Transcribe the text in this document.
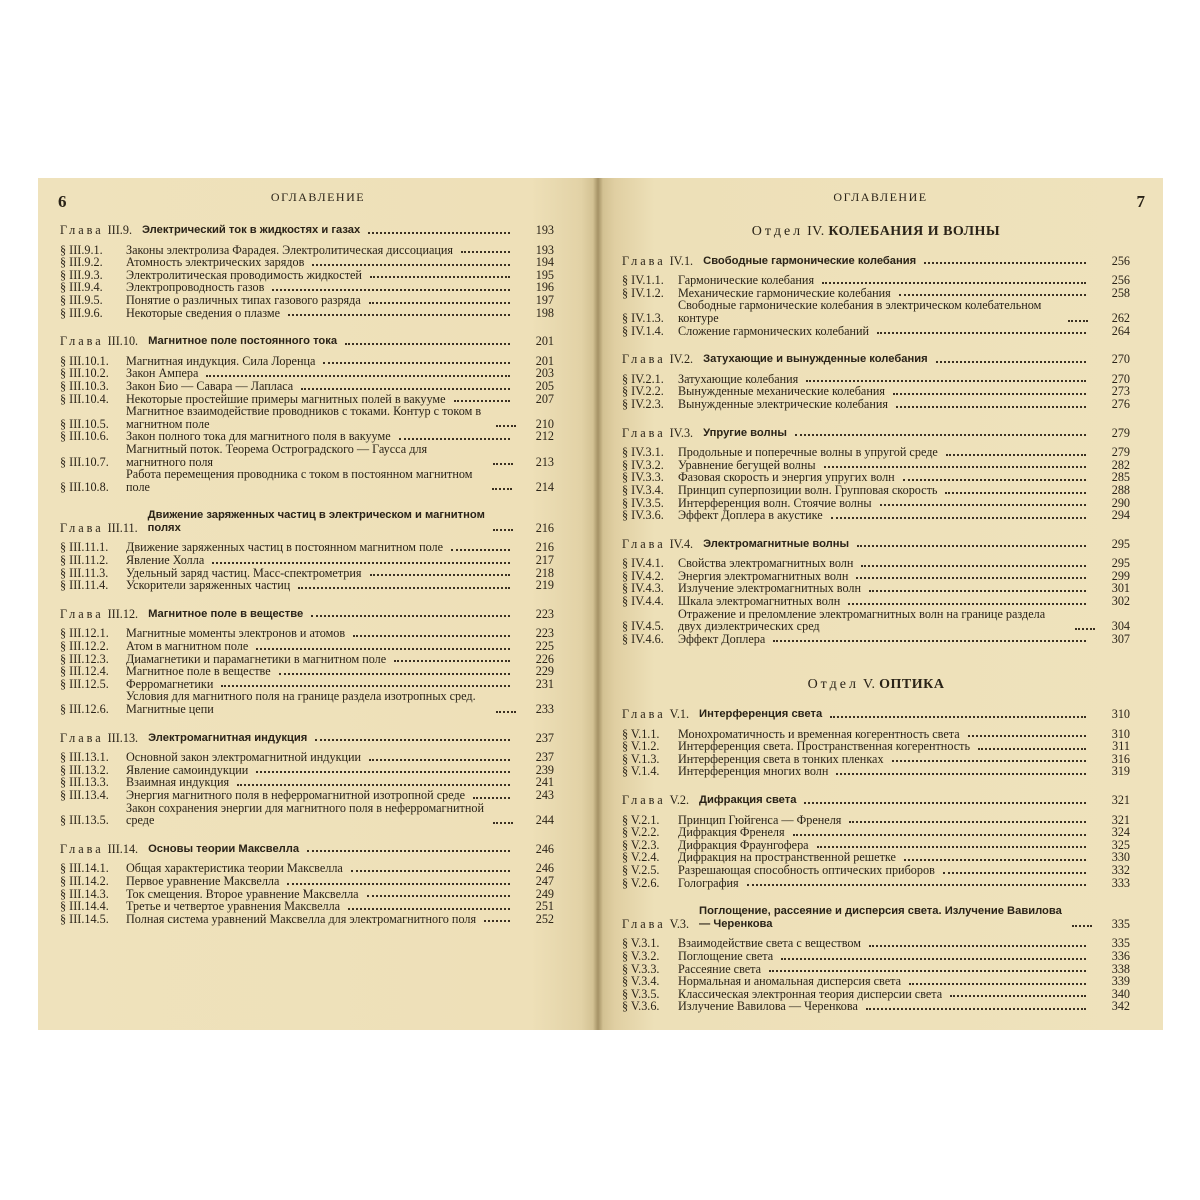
6	ОГЛАВЛЕНИЕ
Глава III.9. Электрический ток в жидкостях и газах	193
§ III.9.1.	Законы электролиза Фарадея. Электролитическая диссоциация	193
§ III.9.2.	Атомность электрических зарядов	194
§ III.9.3.	Электролитическая проводимость жидкостей	195
§ III.9.4.	Электропроводность газов	196
§ III.9.5.	Понятие о различных типах газового разряда	197
§ III.9.6.	Некоторые сведения о плазме	198
Глава III.10. Магнитное поле постоянного тока	201
§ III.10.1.	Магнитная индукция. Сила Лоренца	201
§ III.10.2.	Закон Ампера	203
§ III.10.3.	Закон Био — Савара — Лапласа	205
§ III.10.4.	Некоторые простейшие примеры магнитных полей в вакууме	207
§ III.10.5.
Магнитное взаимодействие проводников с токами. Контур с током в магнитном поле	210
§ III.10.6.	Закон полного тока для магнитного поля в вакууме	212
§ III.10.7.
Магнитный поток. Теорема Остроградского — Гаусса для магнитного поля	213
§ III.10.8.
Работа перемещения проводника с током в постоянном магнитном поле	214
Глава III.11.
Движение заряженных частиц в электрическом и магнитном полях	216
§ III.11.1.	Движение заряженных частиц в постоянном магнитном поле	216
§ III.11.2.	Явление Холла	217
§ III.11.3.	Удельный заряд частиц. Масс-спектрометрия	218
§ III.11.4.	Ускорители заряженных частиц	219
Глава III.12. Магнитное поле в веществе	223
§ III.12.1.	Магнитные моменты электронов и атомов	223
§ III.12.2.	Атом в магнитном поле	225
§ III.12.3.	Диамагнетики и парамагнетики в магнитном поле	226
§ III.12.4.	Магнитное поле в веществе	229
§ III.12.5.	Ферромагнетики	231
§ III.12.6.
Условия для магнитного поля на границе раздела изотропных сред. Магнитные цепи	233
Глава III.13. Электромагнитная индукция	237
§ III.13.1.	Основной закон электромагнитной индукции	237
§ III.13.2.	Явление самоиндукции	239
§ III.13.3.	Взаимная индукция	241
§ III.13.4.	Энергия магнитного поля в неферромагнитной изотропной среде	243
§ III.13.5.
Закон сохранения энергии для магнитного поля в неферромагнитной среде	244
Глава III.14. Основы теории Максвелла	246
§ III.14.1.	Общая характеристика теории Максвелла	246
§ III.14.2.	Первое уравнение Максвелла	247
§ III.14.3.	Ток смещения. Второе уравнение Максвелла	249
§ III.14.4.	Третье и четвертое уравнения Максвелла	251
§ III.14.5.	Полная система уравнений Максвелла для электромагнитного поля	252
ОГЛАВЛЕНИЕ	7
Отдел IV. КОЛЕБАНИЯ И ВОЛНЫ
Глава IV.1. Свободные гармонические колебания	256
§ IV.1.1.	Гармонические колебания	256
§ IV.1.2.	Механические гармонические колебания	258
§ IV.1.3.
Свободные гармонические колебания в электрическом колебательном контуре	262
§ IV.1.4.	Сложение гармонических колебаний	264
Глава IV.2. Затухающие и вынужденные колебания	270
§ IV.2.1.	Затухающие колебания	270
§ IV.2.2.	Вынужденные механические колебания	273
§ IV.2.3.	Вынужденные электрические колебания	276
Глава IV.3. Упругие волны	279
§ IV.3.1.	Продольные и поперечные волны в упругой среде	279
§ IV.3.2.	Уравнение бегущей волны	282
§ IV.3.3.	Фазовая скорость и энергия упругих волн	285
§ IV.3.4.	Принцип суперпозиции волн. Групповая скорость	288
§ IV.3.5.	Интерференция волн. Стоячие волны	290
§ IV.3.6.	Эффект Доплера в акустике	294
Глава IV.4. Электромагнитные волны	295
§ IV.4.1.	Свойства электромагнитных волн	295
§ IV.4.2.	Энергия электромагнитных волн	299
§ IV.4.3.	Излучение электромагнитных волн	301
§ IV.4.4.	Шкала электромагнитных волн	302
§ IV.4.5.
Отражение и преломление электромагнитных волн на границе раздела двух диэлектрических сред	304
§ IV.4.6.	Эффект Доплера	307
Отдел V. ОПТИКА
Глава V.1. Интерференция света	310
§ V.1.1.	Монохроматичность и временная когерентность света	310
§ V.1.2.	Интерференция света. Пространственная когерентность	311
§ V.1.3.	Интерференция света в тонких пленках	316
§ V.1.4.	Интерференция многих волн	319
Глава V.2. Дифракция света	321
§ V.2.1.	Принцип Гюйгенса — Френеля	321
§ V.2.2.	Дифракция Френеля	324
§ V.2.3.	Дифракция Фраунгофера	325
§ V.2.4.	Дифракция на пространственной решетке	330
§ V.2.5.	Разрешающая способность оптических приборов	332
§ V.2.6.	Голография	333
Глава V.3.
Поглощение, рассеяние и дисперсия света. Излучение Вавилова — Черенкова	335
§ V.3.1.	Взаимодействие света с веществом	335
§ V.3.2.	Поглощение света	336
§ V.3.3.	Рассеяние света	338
§ V.3.4.	Нормальная и аномальная дисперсия света	339
§ V.3.5.	Классическая электронная теория дисперсии света	340
§ V.3.6.	Излучение Вавилова — Черенкова	342
